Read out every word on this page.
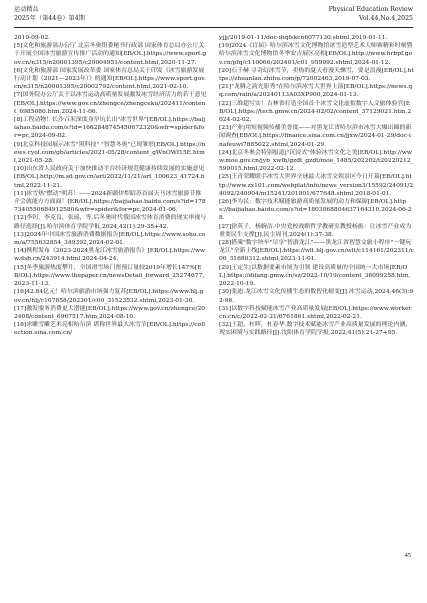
运动精品
2025年（第44卷）第4期
Physical Education Review
Vol.44,No.4,2025

2019-09-02.

[5]文化和旅游部办公厅 北京冬奥组委秘书行政部 国家体育总局办公厅关于开展全国冰雪旅游宣传推广活动的通知[EB/OL].https://www.sport.gov.cn/n315/n20001395/c20004951/content.html,2020-11-27.

[6]文化和旅游部 国家发展改革委 国家体育总局关于印发《冰雪旅游发展行动计划（2021—2023年）》的通知[EB/OL].https://www.sport.gov.cn/n315/n20001395/c20002792/content.html,2021-02-10.

[7]国务院办公厅关于以冰雪运动高质量发展激发冰雪经济活力的若干意见[EB/OL].https://www.gov.cn/zhengce/zhengceku/202411/content_6985080.htm,2024-11-06.

[8]工程动物！长沙百米深度身旱坑长出"冰雪世界"[EB/OL].https://baijiahao.baidu.com/s?id=1662848745450672320&wfr=spider&for=pc,2024-09-02.

[9]北京科技园展示冰雪"黑科技" "智慧冬奥"已现雏形[EB/OL].https://news.cyol.com/gb/articles/2021-05/28/content_gWnOWf15E.html,2021-05-28.

[10]山东省人民政府关于加快推动平台经济规范健康持续发展的实施意见[EB/OL].http://m.sd.gov.cn/art/2022/11/21/art_100623_41724.html,2022-11-21.

[11]冰雪热"燃动"明苏！——2024新疆伊犁昭苏首届天马冰雪旅游节推介会就能方方面面！[EB/OL].https://baijiahao.baidu.com/s?id=1787340550684912580&wfr=spider&for=pc,2024-01-06.

[12]李钊，李克良，张瑶，等.后冬奥时代我国冰雪体育消费的现实审视与路径选择[J].哈尔滨体育学院学报,2024,42(1):29-35+42.

[13]2024年中国冰雪旅游消费数据报告[EB/OL].https://www.sohu.com/a/755632854_349392,2024-02-01.

[14]携程发布《2023-2024黑龙江冰雪旅游报告》[EB/OL].https://www.dsb.cn/243914.html,2024-04-24.

[15]冬季旅游热度攀升，全国滑雪场门票预订量较2019年增长147%[EB/OL].https://www.thepaper.cn/newsDetail_forward_25274677,2023-11-13.

[16]42.84亿元！哈尔滨旅游市场强力复苏[EB/OL].https://www.hlj.gov.cn/hlj/c107858/202301/c00_31523532.shtml,2023-01-30.

[17]激发服务消费更大潜能[EB/OL].https://www.gov.cn/zhengce/202408/content_6967517.htm,2024-08-10.

[18]冰雕雪雕艺术亮相哈尔滨 堪称世界最大冰雪节[EB/OL].https://collection.sina.com.cn/

yjjj/2019-01-11/doc-ihqfskcn6077130.shtml,2019-01-11.

[19]2024《盲届》哈尔滨冰雪文化博物馆冰雪造型艺术大师赛精彩时刻暨哈尔滨冰雪文化博物馆冬季安吉展区亮相[EB/OL].http://www.hrbpf.gov.cn/pfq/c110066/202401/c01_959992.shtml,2024-01-12.

[20]石千赫 寻奇幻冰雪节，卖热的夏天看漫天飘雪，要是浪漫[EB/OL].https://zhuanlan.zhihu.com/p/72002463,2019-07-03.

[21]"龙腾之韵光影秀"在哈尔滨冰雪大世界上演[EB/OL].https://news.qq.com/rain/a/20240113A03XP900,2024-01-13.

[22]三维超写实！吉林省打造全国首个冰雪文化虚拟数字人文旅体验官[EB/OL].https://tech.gmw.cn/2024-02/02/content_37129021.htm,2024-02-02.

[23]产业|用短视频传播美誉度——对黑龙江省哈尔滨市冰雪大爆出圈的新闻调查[EB/OL].https://finance.sina.com.cn/jjxw/2024-01-29/doc-inafeuwi7885022.shtml,2024-01-29.

[24]北京冬奥会特别报道|"沉浸式"体验冰雪文化之美[EB/OL].http://www.moe.gov.cn/jyb_xwfb/gzdt_gzdt/moe_1485/202202/t20220212_599015.html,2022-02-12.

[25]王青荣耀联手冰雪大世界全球最大冰雪文娱景区今日开幕[EB/OL].http://www.zx101.com/webplat/info/news_version3/15592/24091/24092/240904/m15241/201801/677648.shtml,2018-01-01.

[26]李为民：数字技术赋能旅游高质量发展的动力和保障[EB/OL].https://baijiahao.baidu.com/s?id=1803068804637164310,2024-06-28.

[27]徐英子，杨婉洁.中央党校战略哲学教研室教授杨振：让冰雪产业成为重要民生支撑[J].民主周刊,2024(1):37-38.

[28]搭乘"数字快车"尽享"智游龙江"——黑龙江省智慧文旅小程序"一键玩龙江"全新上线[EB/OL].https://wlt.hlj.gov.cn/wlt/c114161/202311/c00_31680312.shtml,2023-11-01.

[29]王定生|以数据要素市场为引领 建设高质量的全国统一大市场[EB/OL].https://difang.gmw.cn/sz/2022-10/19/content_36099258.htm,2022-10-19.

[30]张迪.龙江冰雪文化传播生态的数智化嬗变[J].冰雪运动,2024,46(3):92-96.

[31]以数字科技赋能冰雪产业高质量发展[EB/OL].https://www.workercn.cn/c/2022-02-21/6761861.shtml,2022-02-21.

[32]王超，杜晖，杜春华.数字技术赋能冰雪产业高质量发展的理论内涵、现实困境与实践路径[J].沈阳体育学院学报,2022,41(5):21-27+95.

45
